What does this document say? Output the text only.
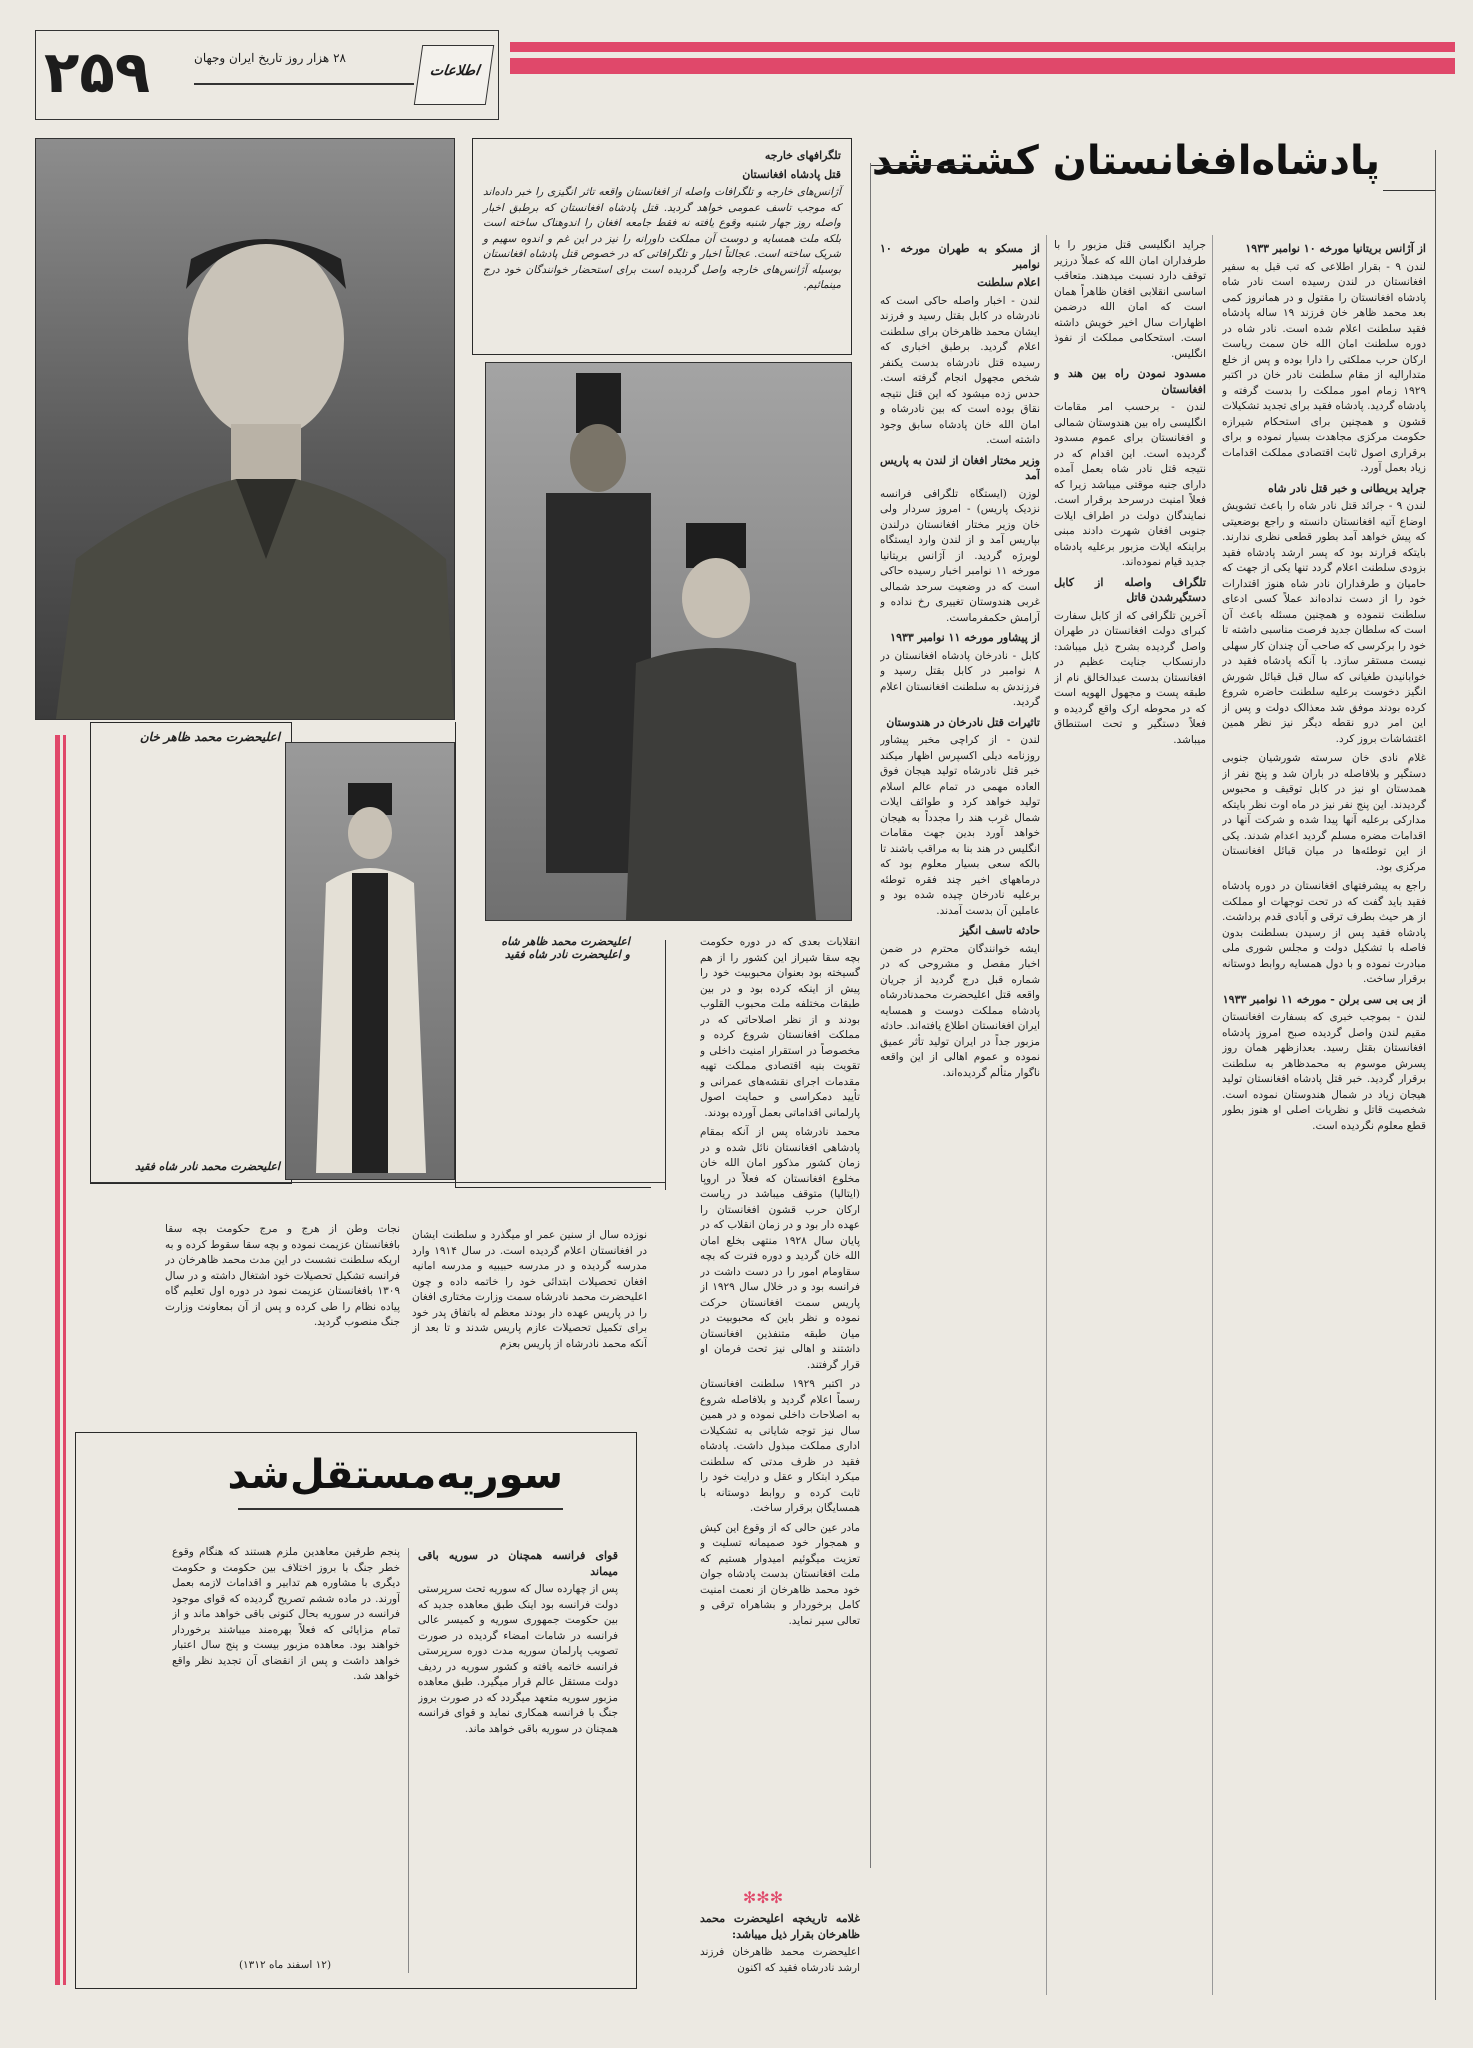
۲۵۹	۲۸ هزار روز تاریخ ایران وجهان
اطلاعات
پادشاه‌افغانستان کشته‌شد
از آژانس بریتانیا مورخه ۱۰ نوامبر ۱۹۳۳

لندن ۹ - بقرار اطلاعی که تب قبل به سفیر افغانستان در لندن رسیده است نادر شاه پادشاه افغانستان را مقتول و در همانروز کمی بعد محمد ظاهر خان فرزند ۱۹ ساله پادشاه فقید سلطنت اعلام شده است. نادر شاه در دوره سلطنت امان الله خان سمت ریاست ارکان حرب مملکتی را دارا بوده و پس از خلع متدارالیه از مقام سلطنت نادر خان در اکتبر ۱۹۲۹ زمام امور مملکت را بدست گرفته و پادشاه گردید. پادشاه فقید برای تجدید تشکیلات قشون و همچنین برای استحکام شیرازه حکومت مرکزی مجاهدت بسیار نموده و برای برقراری اصول ثابت اقتصادی مملکت اقدامات زیاد بعمل آورد.

جراید بریطانی و خبر قتل نادر شاه

لندن ۹ - جرائد قتل نادر شاه را باعث تشویش اوضاع آتیه افغانستان دانسته و راجع بوضعیتی که پیش خواهد آمد بطور قطعی نظری ندارند. بایتکه قرارند بود که پسر ارشد پادشاه فقید بزودی سلطنت اعلام گردد تنها یکی از جهت که حامیان و طرفداران نادر شاه هنوز اقتدارات خود را از دست نداده‌اند عملاً کسی ادعای سلطنت ننموده و همچنین مسئله باعث آن است که سلطان جدید فرصت مناسبی داشته تا خود را برکرسی که صاحب آن چندان کار سهلی نیست مستقر سازد. با آنکه پادشاه فقید در خوابانیدن طغیانی که سال قبل قبائل شورش انگیز دخوست برعلیه سلطنت حاضره شروع کرده بودند موفق شد معذالک دولت و پس از این امر درو نقطه دیگر نیز نظر همین اغتشاشات بروز کرد.

غلام نادی خان سرسته شورشیان جنوبی دستگیر و بلافاصله در باران شد و پنج نفر از همدستان او نیز در کابل توقیف و محبوس گردیدند. این پنج نفر نیز در ماه اوت نظر بایتکه مدارکی برعلیه آنها پیدا شده و شرکت آنها در اقدامات مضره مسلم گردید اعدام شدند. یکی از این توطئه‌ها در میان قبائل افغانستان مرکزی بود.

راجع به پیشرفتهای افغانستان در دوره پادشاه فقید باید گفت که در تحت توجهات او مملکت از هر حیث بطرف ترقی و آبادی قدم برداشت. پادشاه فقید پس از رسیدن بسلطنت بدون فاصله با تشکیل دولت و مجلس شوری ملی مبادرت نموده و با دول همسایه روابط دوستانه برقرار ساخت.

از بی بی سی برلن - مورخه ۱۱ نوامبر ۱۹۳۳

لندن - بموجب خبری که بسفارت افغانستان مقیم لندن واصل گردیده صبح امروز پادشاه افغانستان بقتل رسید. بعدازظهر همان روز پسرش موسوم به محمدظاهر به سلطنت برقرار گردید. خبر قتل پادشاه افغانستان تولید هیجان زیاد در شمال هندوستان نموده است. شخصیت قاتل و نظریات اصلی او هنوز بطور قطع معلوم نگردیده است.

جراید انگلیسی قتل مزبور را با طرفداران امان الله که عملاً درزیر توقف دارد نسبت میدهند. متعاقب اساسی انقلابی افغان ظاهراً همان است که امان الله درضمن اظهارات سال اخیر خویش داشته است. استحکامی مملکت از نفوذ انگلیس.

مسدود نمودن راه بین هند و افغانستان

لندن - برحسب امر مقامات انگلیسی راه بین هندوستان شمالی و افغانستان برای عموم مسدود گردیده است. این اقدام که در نتیجه قتل نادر شاه بعمل آمده دارای جنبه موقتی میباشد زیرا که فعلاً امنیت درسرحد برقرار است. نمایندگان دولت در اطراف ایلات جنوبی افغان شهرت دادند مبنی براینکه ایلات مزبور برعلیه پادشاه جدید قیام نموده‌اند.

تلگراف واصله از کابل دستگیرشدن قاتل

آخرین تلگرافی که از کابل سفارت کبرای دولت افغانستان در طهران واصل گردیده بشرح ذیل میباشد: دارنسکاب جنایت عظیم در افغانستان بدست عبدالخالق نام از طبقه پست و مجهول الهویه است که در محوطه ارک واقع گردیده و فعلاً دستگیر و تحت استنطاق میباشد.

از مسکو به طهران مورخه ۱۰ نوامبر
اعلام سلطنت

لندن - اخبار واصله حاکی است که نادرشاه در کابل بقتل رسید و فرزند ایشان محمد ظاهرخان برای سلطنت اعلام گردید. برطبق اخباری که رسیده قتل نادرشاه بدست یکنفر شخص مجهول انجام گرفته است. حدس زده میشود که این قتل نتیجه نقاق بوده است که بین نادرشاه و امان الله خان پادشاه سابق وجود داشته است.

وزیر مختار افغان از لندن به پاریس آمد

لوزن (ایستگاه تلگرافی فرانسه نزدیک پاریس) - امروز سردار ولی خان وزیر مختار افغانستان درلندن بپاریس آمد و از لندن وارد ایستگاه لوبرژه گردید. از آژانس بریتانیا مورخه ۱۱ نوامبر اخبار رسیده حاکی است که در وضعیت سرحد شمالی غربی هندوستان تغییری رخ نداده و آرامش حکمفرماست.

از پیشاور مورخه ۱۱ نوامبر ۱۹۳۳

کابل - نادرخان پادشاه افغانستان در ۸ نوامبر در کابل بقتل رسید و فرزندش به سلطنت افغانستان اعلام گردید.

تاثیرات قتل نادرخان در هندوستان

لندن - از کراچی مخبر پیشاور روزنامه دیلی اکسپرس اظهار میکند خبر قتل نادرشاه تولید هیجان فوق العاده مهمی در تمام عالم اسلام تولید خواهد کرد و طوائف ایلات شمال غرب هند را مجدداً به هیجان خواهد آورد بدین جهت مقامات انگلیس در هند بنا به مراقب باشند تا بالکه سعی بسیار معلوم بود که درماههای اخیر چند فقره توطئه برعلیه نادرخان چیده شده بود و عاملین آن بدست آمدند.

حادثه تاسف انگیز

ایشه خوانندگان محترم در ضمن اخبار مفصل و مشروحی که در شماره قبل درج گردید از جریان واقعه قتل اعلیحضرت محمدنادرشاه پادشاه مملکت دوست و همسایه ایران افغانستان اطلاع یافته‌اند. حادثه مزبور جداً در ایران تولید تأثر عمیق نموده و عموم اهالی از این واقعه ناگوار متألم گردیده‌اند.

تلگرافهای خارجه
قتل پادشاه افغانستان

آژانس‌های خارجه و تلگرافات واصله از افغانستان واقعه تاثر انگیزی را خبر داده‌اند که موجب تاسف عمومی خواهد گردید. قتل پادشاه افغانستان که برطبق اخبار واصله روز جهار شنبه وقوع یافته نه فقط جامعه افغان را اندوهناک ساخته است بلکه ملت همسایه و دوست آن مملکت داورانه را نیز در این غم و اندوه سهیم و شریک ساخته است. عجالتاً اخبار و تلگرافاتی که در خصوص قتل پادشاه افغانستان بوسیله آژانس‌های خارجه واصل گردیده است برای استحضار خوانندگان خود درج مینمائیم.

اعلیحضرت محمد ظاهر خان
اعلیحضرت محمد نادر شاه فقید
اعلیحضرت محمد ظاهر شاه
و اعلیحضرت نادر شاه فقید

انقلابات بعدی که در دوره حکومت بچه سقا شیراز این کشور را از هم گسیخته بود بعنوان محبوبیت خود را پیش از اینکه کرده بود و در بین طبقات مختلفه ملت محبوب القلوب بودند و از نظر اصلاحاتی که در مملکت افغانستان شروع کرده و مخصوصاً در استقرار امنیت داخلی و تقویت بنیه اقتصادی مملکت تهیه مقدمات اجرای نقشه‌های عمرانی و تأیید دمکراسی و حمایت اصول پارلمانی اقداماتی بعمل آورده بودند.

محمد نادرشاه پس از آنکه بمقام پادشاهی افغانستان نائل شده و در زمان کشور مذکور امان الله خان مخلوع افغانستان که فعلاً در اروپا (ایتالیا) متوقف میباشد در ریاست ارکان حرب قشون افغانستان را عهده دار بود و در زمان انقلاب که در پایان سال ۱۹۲۸ منتهی بخلع امان الله خان گردید و دوره فترت که بچه سقاومام امور را در دست داشت در فرانسه بود و در خلال سال ۱۹۲۹ از پاریس سمت افغانستان حرکت نموده و نظر باین که محبوبیت در میان طبقه متنفذین افغانستان داشتند و اهالی نیز تحت فرمان او قرار گرفتند.

در اکتبر ۱۹۲۹ سلطنت افغانستان رسماً اعلام گردید و بلافاصله شروع به اصلاحات داخلی نموده و در همین سال نیز توجه شایانی به تشکیلات اداری مملکت مبذول داشت. پادشاه فقید در ظرف مدتی که سلطنت میکرد ابتکار و عقل و درایت خود را ثابت کرده و روابط دوستانه با همسایگان برقرار ساخت.

مادر عین حالی که از وقوع این کیش و همجوار خود صمیمانه تسلیت و تعزیت میگوئیم امیدوار هستیم که ملت افغانستان بدست پادشاه جوان خود محمد ظاهرخان از نعمت امنیت کامل برخوردار و بشاهراه ترقی و تعالی سیر نماید.

✻✻✻
غلامه تاریخچه اعلیحضرت محمد ظاهرخان بقرار ذیل میباشد:

اعلیحضرت محمد ظاهرخان فرزند ارشد نادرشاه فقید که اکنون

نجات وطن از هرج و مرج حکومت بچه سقا بافغانستان عزیمت نموده و بچه سقا سقوط کرده و به اریکه سلطنت نشست در این مدت محمد ظاهرخان در فرانسه تشکیل تحصیلات خود اشتغال داشته و در سال ۱۳۰۹ بافغانستان عزیمت نمود در دوره اول تعلیم گاه پیاده نظام را طی کرده و پس از آن بمعاونت وزارت جنگ منصوب گردید.
نوزده سال از سنین عمر او میگذرد و سلطنت ایشان در افغانستان اعلام گردیده است. در سال ۱۹۱۴ وارد مدرسه گردیده و در مدرسه حبیبیه و مدرسه امانیه افغان تحصیلات ابتدائی خود را خاتمه داده و چون اعلیحضرت محمد نادرشاه سمت وزارت مختاری افغان را در پاریس عهده دار بودند معظم له باتفاق پدر خود برای تکمیل تحصیلات عازم پاریس شدند و تا بعد از آنکه محمد نادرشاه از پاریس بعزم
سوریه‌مستقل‌شد
قوای فرانسه همچنان در سوریه باقی میماند

پس از چهارده سال که سوریه تحت سرپرستی دولت فرانسه بود اینک طبق معاهده جدید که بین حکومت جمهوری سوریه و کمیسر عالی فرانسه در شامات امضاء گردیده در صورت تصویب پارلمان سوریه مدت دوره سرپرستی فرانسه خاتمه یافته و کشور سوریه در ردیف دولت مستقل عالم قرار میگیرد. طبق معاهده مزبور سوریه متعهد میگردد که در صورت بروز جنگ با فرانسه همکاری نماید و قوای فرانسه همچنان در سوریه باقی خواهد ماند.

پنجم طرفین معاهدین ملزم هستند که هنگام وقوع خطر جنگ با بروز اختلاف بین حکومت و حکومت دیگری با مشاوره هم تدابیر و اقدامات لازمه بعمل آورند. در ماده ششم تصریح گردیده که قوای موجود فرانسه در سوریه بحال کنونی باقی خواهد ماند و از تمام مزایائی که فعلاً بهره‌مند میباشند برخوردار خواهند بود. معاهده مزبور بیست و پنج سال اعتبار خواهد داشت و پس از انقضای آن تجدید نظر واقع خواهد شد.

(۱۲ اسفند ماه ۱۳۱۲)
